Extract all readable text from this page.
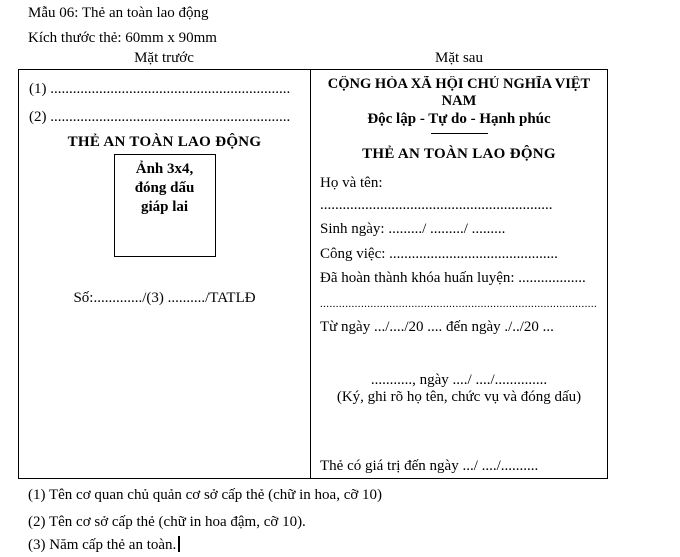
Mẫu 06: Thẻ an toàn lao động
Kích thước thẻ: 60mm x 90mm
Mặt trước	Mặt sau
(1) ................................................................
(2) ................................................................
THẺ AN TOÀN LAO ĐỘNG
Ảnh 3x4,
đóng dấu
giáp lai
Số:............./(3) ........../TATLĐ
CỘNG HÒA XÃ HỘI CHỦ NGHĨA VIỆT
NAM
Độc lập - Tự do - Hạnh phúc
THẺ AN TOÀN LAO ĐỘNG
Họ và tên:
..............................................................
Sinh ngày: ........./ ........./ .........
Công việc: .............................................
Đã hoàn thành khóa huấn luyện: ..................
........................................................................................
Từ ngày .../..../20 .... đến ngày ./../20 ...
..........., ngày ..../ ..../..............
(Ký, ghi rõ họ tên, chức vụ và đóng dấu)
Thẻ có giá trị đến ngày .../ ..../..........
(1) Tên cơ quan chủ quản cơ sở cấp thẻ (chữ in hoa, cỡ 10)
(2) Tên cơ sở cấp thẻ (chữ in hoa đậm, cỡ 10).
(3) Năm cấp thẻ an toàn.
